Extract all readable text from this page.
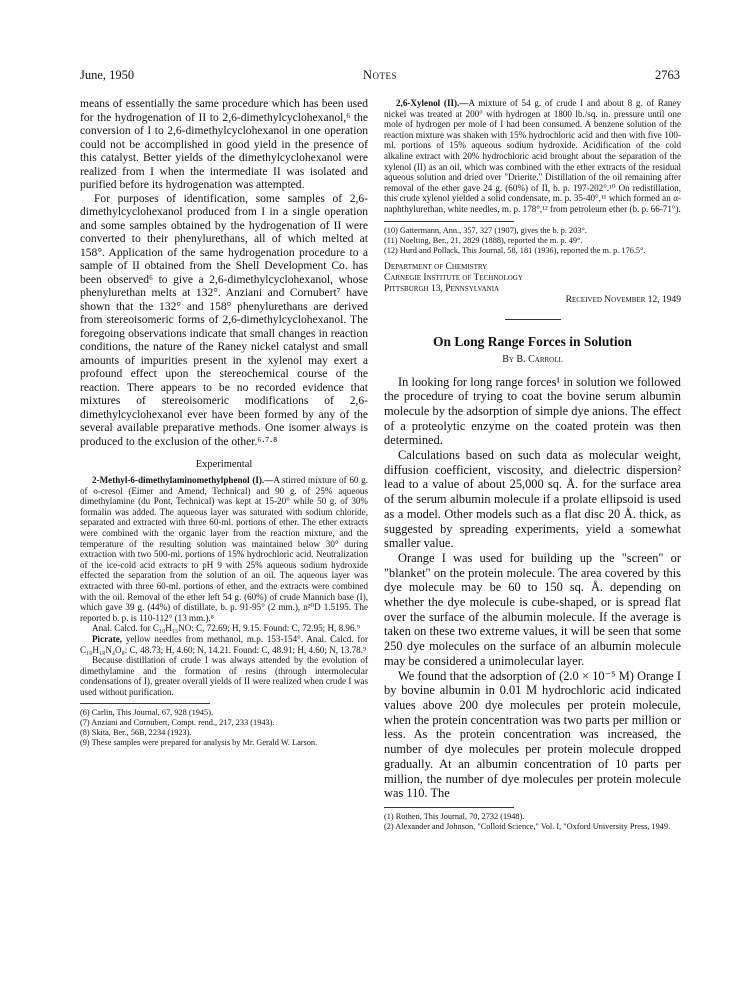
June, 1950	Notes	2763

means of essentially the same procedure which has been used for the hydrogenation of II to 2,6-dimethylcyclohexanol,⁶ the conversion of I to 2,6-dimethylcyclohexanol in one operation could not be accomplished in good yield in the presence of this catalyst. Better yields of the dimethylcyclohexanol were realized from I when the intermediate II was isolated and purified before its hydrogenation was attempted.

For purposes of identification, some samples of 2,6-dimethylcyclohexanol produced from I in a single operation and some samples obtained by the hydrogenation of II were converted to their phenylurethans, all of which melted at 158°. Application of the same hydrogenation procedure to a sample of II obtained from the Shell Development Co. has been observed⁶ to give a 2,6-dimethylcyclohexanol, whose phenylurethan melts at 132°. Anziani and Cornubert⁷ have shown that the 132° and 158° phenylurethans are derived from stereoisomeric forms of 2,6-dimethylcyclohexanol. The foregoing observations indicate that small changes in reaction conditions, the nature of the Raney nickel catalyst and small amounts of impurities present in the xylenol may exert a profound effect upon the stereochemical course of the reaction. There appears to be no recorded evidence that mixtures of stereoisomeric modifications of 2,6-dimethylcyclohexanol ever have been formed by any of the several available preparative methods. One isomer always is produced to the exclusion of the other.⁶·⁷·⁸

Experimental

2-Methyl-6-dimethylaminomethylphenol (I).—A stirred mixture of 60 g. of o-cresol (Eimer and Amend, Technical) and 90 g. of 25% aqueous dimethylamine (du Pont, Technical) was kept at 15-20° while 50 g. of 30% formalin was added. The aqueous layer was saturated with sodium chloride, separated and extracted with three 60-ml. portions of ether. The ether extracts were combined with the organic layer from the reaction mixture, and the temperature of the resulting solution was maintained below 30° during extraction with two 500-ml. portions of 15% hydrochloric acid. Neutralization of the ice-cold acid extracts to pH 9 with 25% aqueous sodium hydroxide effected the separation from the solution of an oil. The aqueous layer was extracted with three 60-ml. portions of ether, and the extracts were combined with the oil. Removal of the ether left 54 g. (60%) of crude Mannich base (I), which gave 39 g. (44%) of distillate, b. p. 91-95° (2 mm.), n²⁰D 1.5195. The reported b. p. is 110-112° (13 mm.).⁸

Anal. Calcd. for C₁₀H₁₅NO: C, 72.69; H, 9.15. Found: C, 72.95; H, 8.96.⁹

Picrate, yellow needles from methanol, m.p. 153-154°. Anal. Calcd. for C₁₆H₁₈N₄O₈: C, 48.73; H, 4.60; N, 14.21. Found: C, 48.91; H, 4.60; N, 13.78.⁹

Because distillation of crude I was always attended by the evolution of dimethylamine and the formation of resins (through intermolecular condensations of I), greater overall yields of II were realized when crude I was used without purification.

(6) Carlin, This Journal, 67, 928 (1945).

(7) Anziani and Cornubert, Compt. rend., 217, 233 (1943).

(8) Skita, Ber., 56B, 2234 (1923).

(9) These samples were prepared for analysis by Mr. Gerald W. Larson.

2,6-Xylenol (II).—A mixture of 54 g. of crude I and about 8 g. of Raney nickel was treated at 200° with hydrogen at 1800 lb./sq. in. pressure until one mole of hydrogen per mole of I had been consumed. A benzene solution of the reaction mixture was shaken with 15% hydrochloric acid and then with five 100-ml. portions of 15% aqueous sodium hydroxide. Acidification of the cold alkaline extract with 20% hydrochloric acid brought about the separation of the xylenol (II) as an oil, which was combined with the ether extracts of the residual aqueous solution and dried over "Drierite." Distillation of the oil remaining after removal of the ether gave 24 g. (60%) of II, b. p. 197-202°.¹⁰ On redistillation, this crude xylenol yielded a solid condensate, m. p. 35-40°,¹¹ which formed an α-naphthylurethan, white needles, m. p. 178°,¹² from petroleum ether (b. p. 66-71°).

(10) Gattermann, Ann., 357, 327 (1907), gives the b. p. 203°.

(11) Noelting, Ber., 21, 2829 (1888), reported the m. p. 49°.

(12) Hurd and Pollack, This Journal, 58, 181 (1936), reported the m. p. 176.5°.

Department of Chemistry

Carnegie Institute of Technology

Pittsburgh 13, Pennsylvania

Received November 12, 1949

On Long Range Forces in Solution
By B. Carroll

In looking for long range forces¹ in solution we followed the procedure of trying to coat the bovine serum albumin molecule by the adsorption of simple dye anions. The effect of a proteolytic enzyme on the coated protein was then determined.

Calculations based on such data as molecular weight, diffusion coefficient, viscosity, and dielectric dispersion² lead to a value of about 25,000 sq. Å. for the surface area of the serum albumin molecule if a prolate ellipsoid is used as a model. Other models such as a flat disc 20 Å. thick, as suggested by spreading experiments, yield a somewhat smaller value.

Orange I was used for building up the "screen" or "blanket" on the protein molecule. The area covered by this dye molecule may be 60 to 150 sq. Å. depending on whether the dye molecule is cube-shaped, or is spread flat over the surface of the albumin molecule. If the average is taken on these two extreme values, it will be seen that some 250 dye molecules on the surface of an albumin molecule may be considered a unimolecular layer.

We found that the adsorption of (2.0 × 10⁻⁵ M) Orange I by bovine albumin in 0.01 M hydrochloric acid indicated values above 200 dye molecules per protein molecule, when the protein concentration was two parts per million or less. As the protein concentration was increased, the number of dye molecules per protein molecule dropped gradually. At an albumin concentration of 10 parts per million, the number of dye molecules per protein molecule was 110. The

(1) Rothen, This Journal, 70, 2732 (1948).

(2) Alexander and Johnson, "Colloid Science," Vol. I, "Oxford University Press, 1949.
